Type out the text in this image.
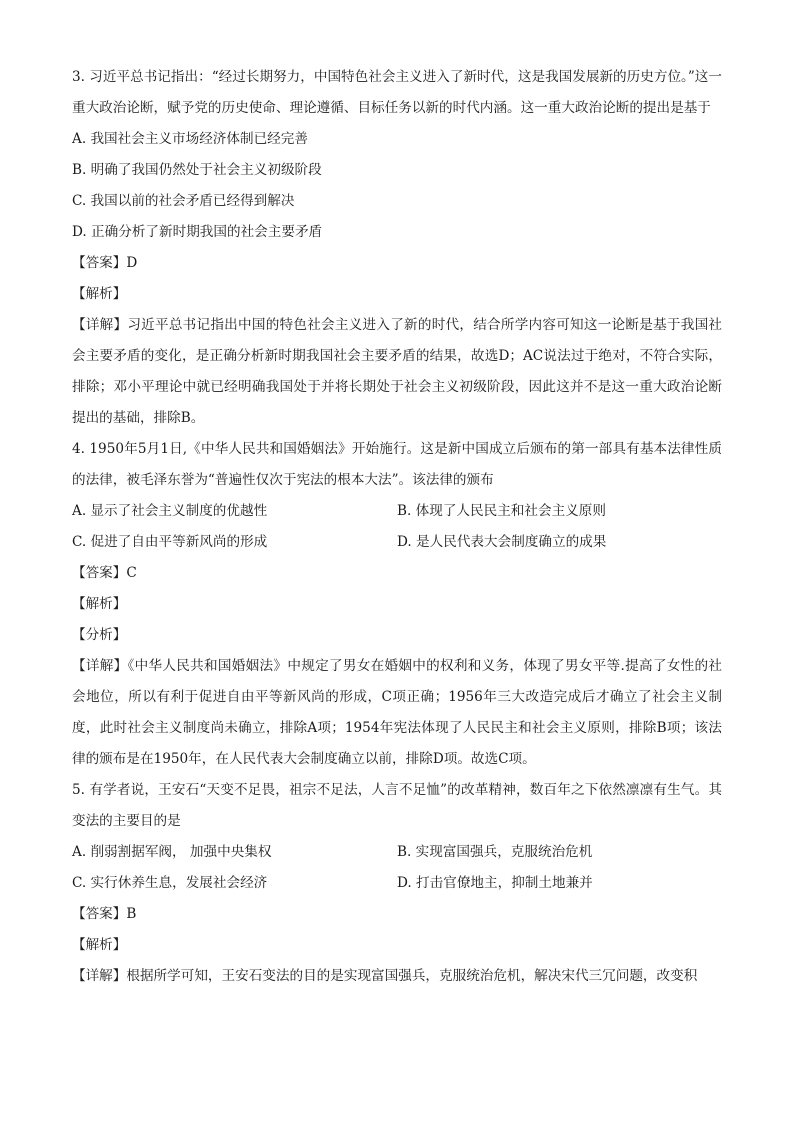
3. 习近平总书记指出：“经过长期努力，中国特色社会主义进入了新时代，这是我国发展新的历史方位。”这一重大政治论断，赋予党的历史使命、理论遵循、目标任务以新的时代内涵。这一重大政治论断的提出是基于

A. 我国社会主义市场经济体制已经完善

B. 明确了我国仍然处于社会主义初级阶段

C. 我国以前的社会矛盾已经得到解决

D. 正确分析了新时期我国的社会主要矛盾

【答案】D

【解析】

【详解】习近平总书记指出中国的特色社会主义进入了新的时代，结合所学内容可知这一论断是基于我国社会主要矛盾的变化，是正确分析新时期我国社会主要矛盾的结果，故选D；AC说法过于绝对，不符合实际，排除；邓小平理论中就已经明确我国处于并将长期处于社会主义初级阶段，因此这并不是这一重大政治论断提出的基础，排除B。

4. 1950年5月1日,《中华人民共和国婚姻法》开始施行。这是新中国成立后颁布的第一部具有基本法律性质的法律，被毛泽东誉为“普遍性仅次于宪法的根本大法”。该法律的颁布

A. 显示了社会主义制度的优越性	B. 体现了人民民主和社会主义原则
C. 促进了自由平等新风尚的形成	D. 是人民代表大会制度确立的成果

【答案】C

【解析】

【分析】

【详解】《中华人民共和国婚姻法》中规定了男女在婚姻中的权利和义务，体现了男女平等.提高了女性的社会地位，所以有利于促进自由平等新风尚的形成，C项正确；1956年三大改造完成后才确立了社会主义制度，此时社会主义制度尚未确立，排除A项；1954年宪法体现了人民民主和社会主义原则，排除B项；该法律的颁布是在1950年，在人民代表大会制度确立以前，排除D项。故选C项。

5. 有学者说，王安石“天变不足畏，祖宗不足法，人言不足恤”的改革精神，数百年之下依然凛凛有生气。其变法的主要目的是

A. 削弱割据军阀， 加强中央集权	B. 实现富国强兵，克服统治危机
C. 实行休养生息，发展社会经济	D. 打击官僚地主，抑制土地兼并

【答案】B

【解析】

【详解】根据所学可知，王安石变法的目的是实现富国强兵，克服统治危机，解决宋代三冗问题，改变积
